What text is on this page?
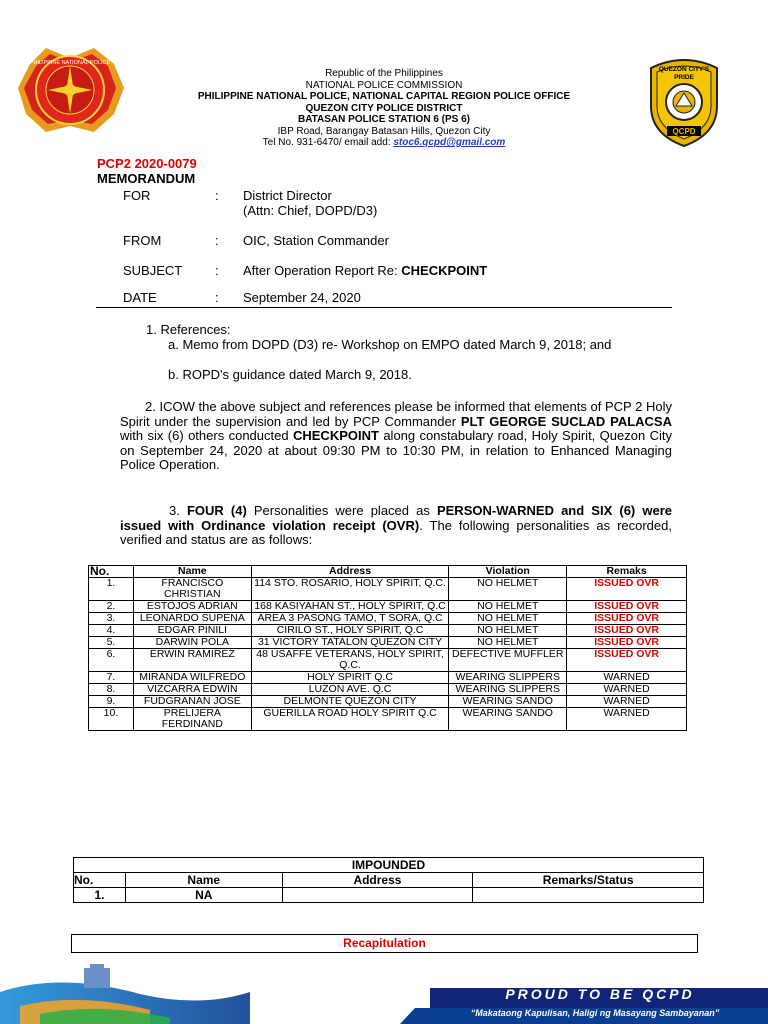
PHILIPPINE NATIONAL POLICE
QUEZON CITY'S
PRIDE
QCPD
Republic of the Philippines
NATIONAL POLICE COMMISSION
PHILIPPINE NATIONAL POLICE, NATIONAL CAPITAL REGION POLICE OFFICE
QUEZON CITY POLICE DISTRICT
BATASAN POLICE STATION 6 (PS 6)
IBP Road, Barangay Batasan Hills, Quezon City
Tel No. 931-6470/ email add: stoc6.qcpd@gmail.com
PCP2 2020-0079
MEMORANDUM
FOR	: District Director
(Attn: Chief, DOPD/D3)
FROM	: OIC, Station Commander
SUBJECT	: After Operation Report Re: CHECKPOINT
DATE	: September 24, 2020
1. References:
a. Memo from DOPD (D3) re- Workshop on EMPO dated March 9, 2018; and
b. ROPD's guidance dated March 9, 2018.
2. ICOW the above subject and references please be informed that elements of PCP 2 Holy Spirit under the supervision and led by PCP Commander PLT GEORGE SUCLAD PALACSA with six (6) others conducted CHECKPOINT along constabulary road, Holy Spirit, Quezon City on September 24, 2020 at about 09:30 PM to 10:30 PM, in relation to Enhanced Managing Police Operation.
3. FOUR (4) Personalities were placed as PERSON-WARNED and SIX (6) were issued with Ordinance violation receipt (OVR). The following personalities as recorded, verified and status are as follows:
No.	Name	Address	Violation	Remaks
1.	FRANCISCO CHRISTIAN	114 STO. ROSARIO, HOLY SPIRIT, Q.C.	NO HELMET	ISSUED OVR
2.	ESTOJOS ADRIAN	168 KASIYAHAN ST., HOLY SPIRIT, Q.C	NO HELMET	ISSUED OVR
3.	LEONARDO SUPENA	AREA 3 PASONG TAMO, T SORA, Q.C	NO HELMET	ISSUED OVR
4.	EDGAR PINILI	CIRILO ST., HOLY SPIRIT, Q.C	NO HELMET	ISSUED OVR
5.	DARWIN POLA	31 VICTORY TATALON QUEZON CITY	NO HELMET	ISSUED OVR
6.	ERWIN RAMIREZ	48 USAFFE VETERANS, HOLY SPIRIT, Q.C.	DEFECTIVE MUFFLER	ISSUED OVR
7.	MIRANDA WILFREDO	HOLY SPIRIT Q.C	WEARING SLIPPERS	WARNED
8.	VIZCARRA EDWIN	LUZON AVE. Q.C	WEARING SLIPPERS	WARNED
9.	FUDGRANAN JOSE	DELMONTE QUEZON CITY	WEARING SANDO	WARNED
10.	PRELIJERA FERDINAND	GUERILLA ROAD HOLY SPIRIT Q.C	WEARING SANDO	WARNED
IMPOUNDED			
No.	Name	Address	Remarks/Status
1.	NA		
Recapitulation
PROUD TO BE QCPD
“Makataong Kapulisan, Haligi ng Masayang Sambayanan”
